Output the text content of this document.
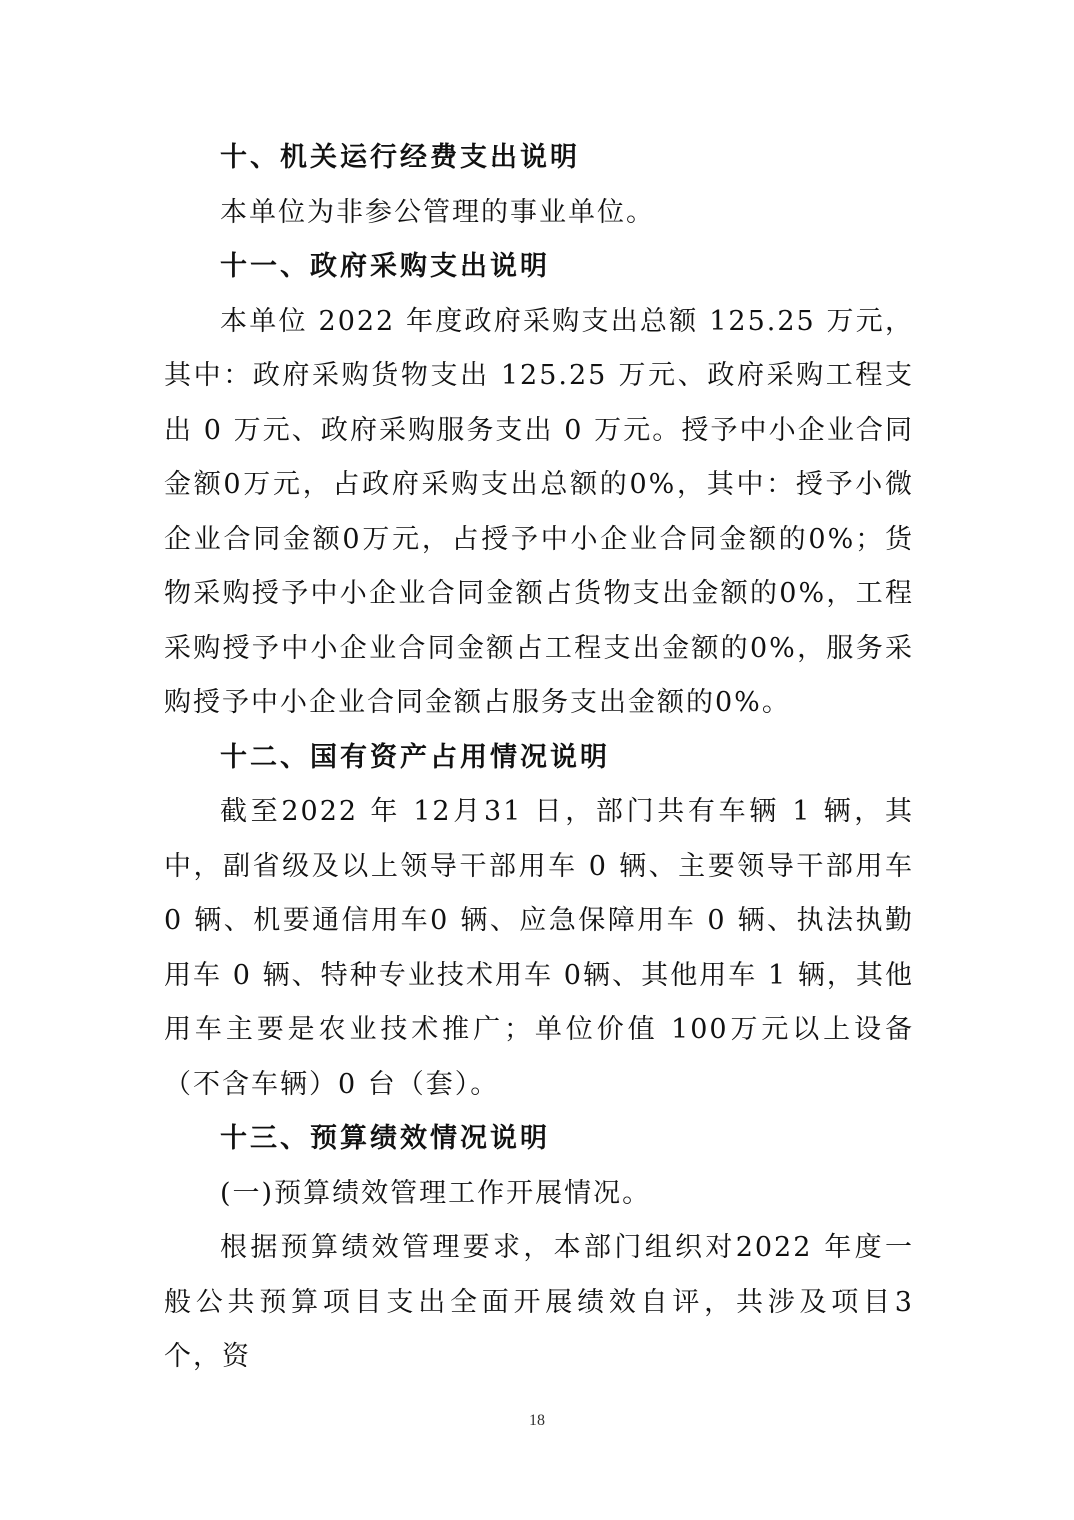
十、机关运行经费支出说明

本单位为非参公管理的事业单位。

十一、政府采购支出说明

本单位 2022 年度政府采购支出总额 125.25 万元，其中：政府采购货物支出 125.25 万元、政府采购工程支出 0 万元、政府采购服务支出 0 万元。授予中小企业合同金额0万元，占政府采购支出总额的0%，其中：授予小微企业合同金额0万元，占授予中小企业合同金额的0%；货物采购授予中小企业合同金额占货物支出金额的0%，工程采购授予中小企业合同金额占工程支出金额的0%，服务采购授予中小企业合同金额占服务支出金额的0%。

十二、国有资产占用情况说明

截至2022 年 12月31 日，部门共有车辆 1 辆，其中，副省级及以上领导干部用车 0 辆、主要领导干部用车0 辆、机要通信用车0 辆、应急保障用车 0 辆、执法执勤用车 0 辆、特种专业技术用车 0辆、其他用车 1 辆，其他用车主要是农业技术推广；单位价值 100万元以上设备（不含车辆）0 台（套）。

十三、预算绩效情况说明

(一)预算绩效管理工作开展情况。

根据预算绩效管理要求，本部门组织对2022 年度一般公共预算项目支出全面开展绩效自评，共涉及项目3 个，资

18
